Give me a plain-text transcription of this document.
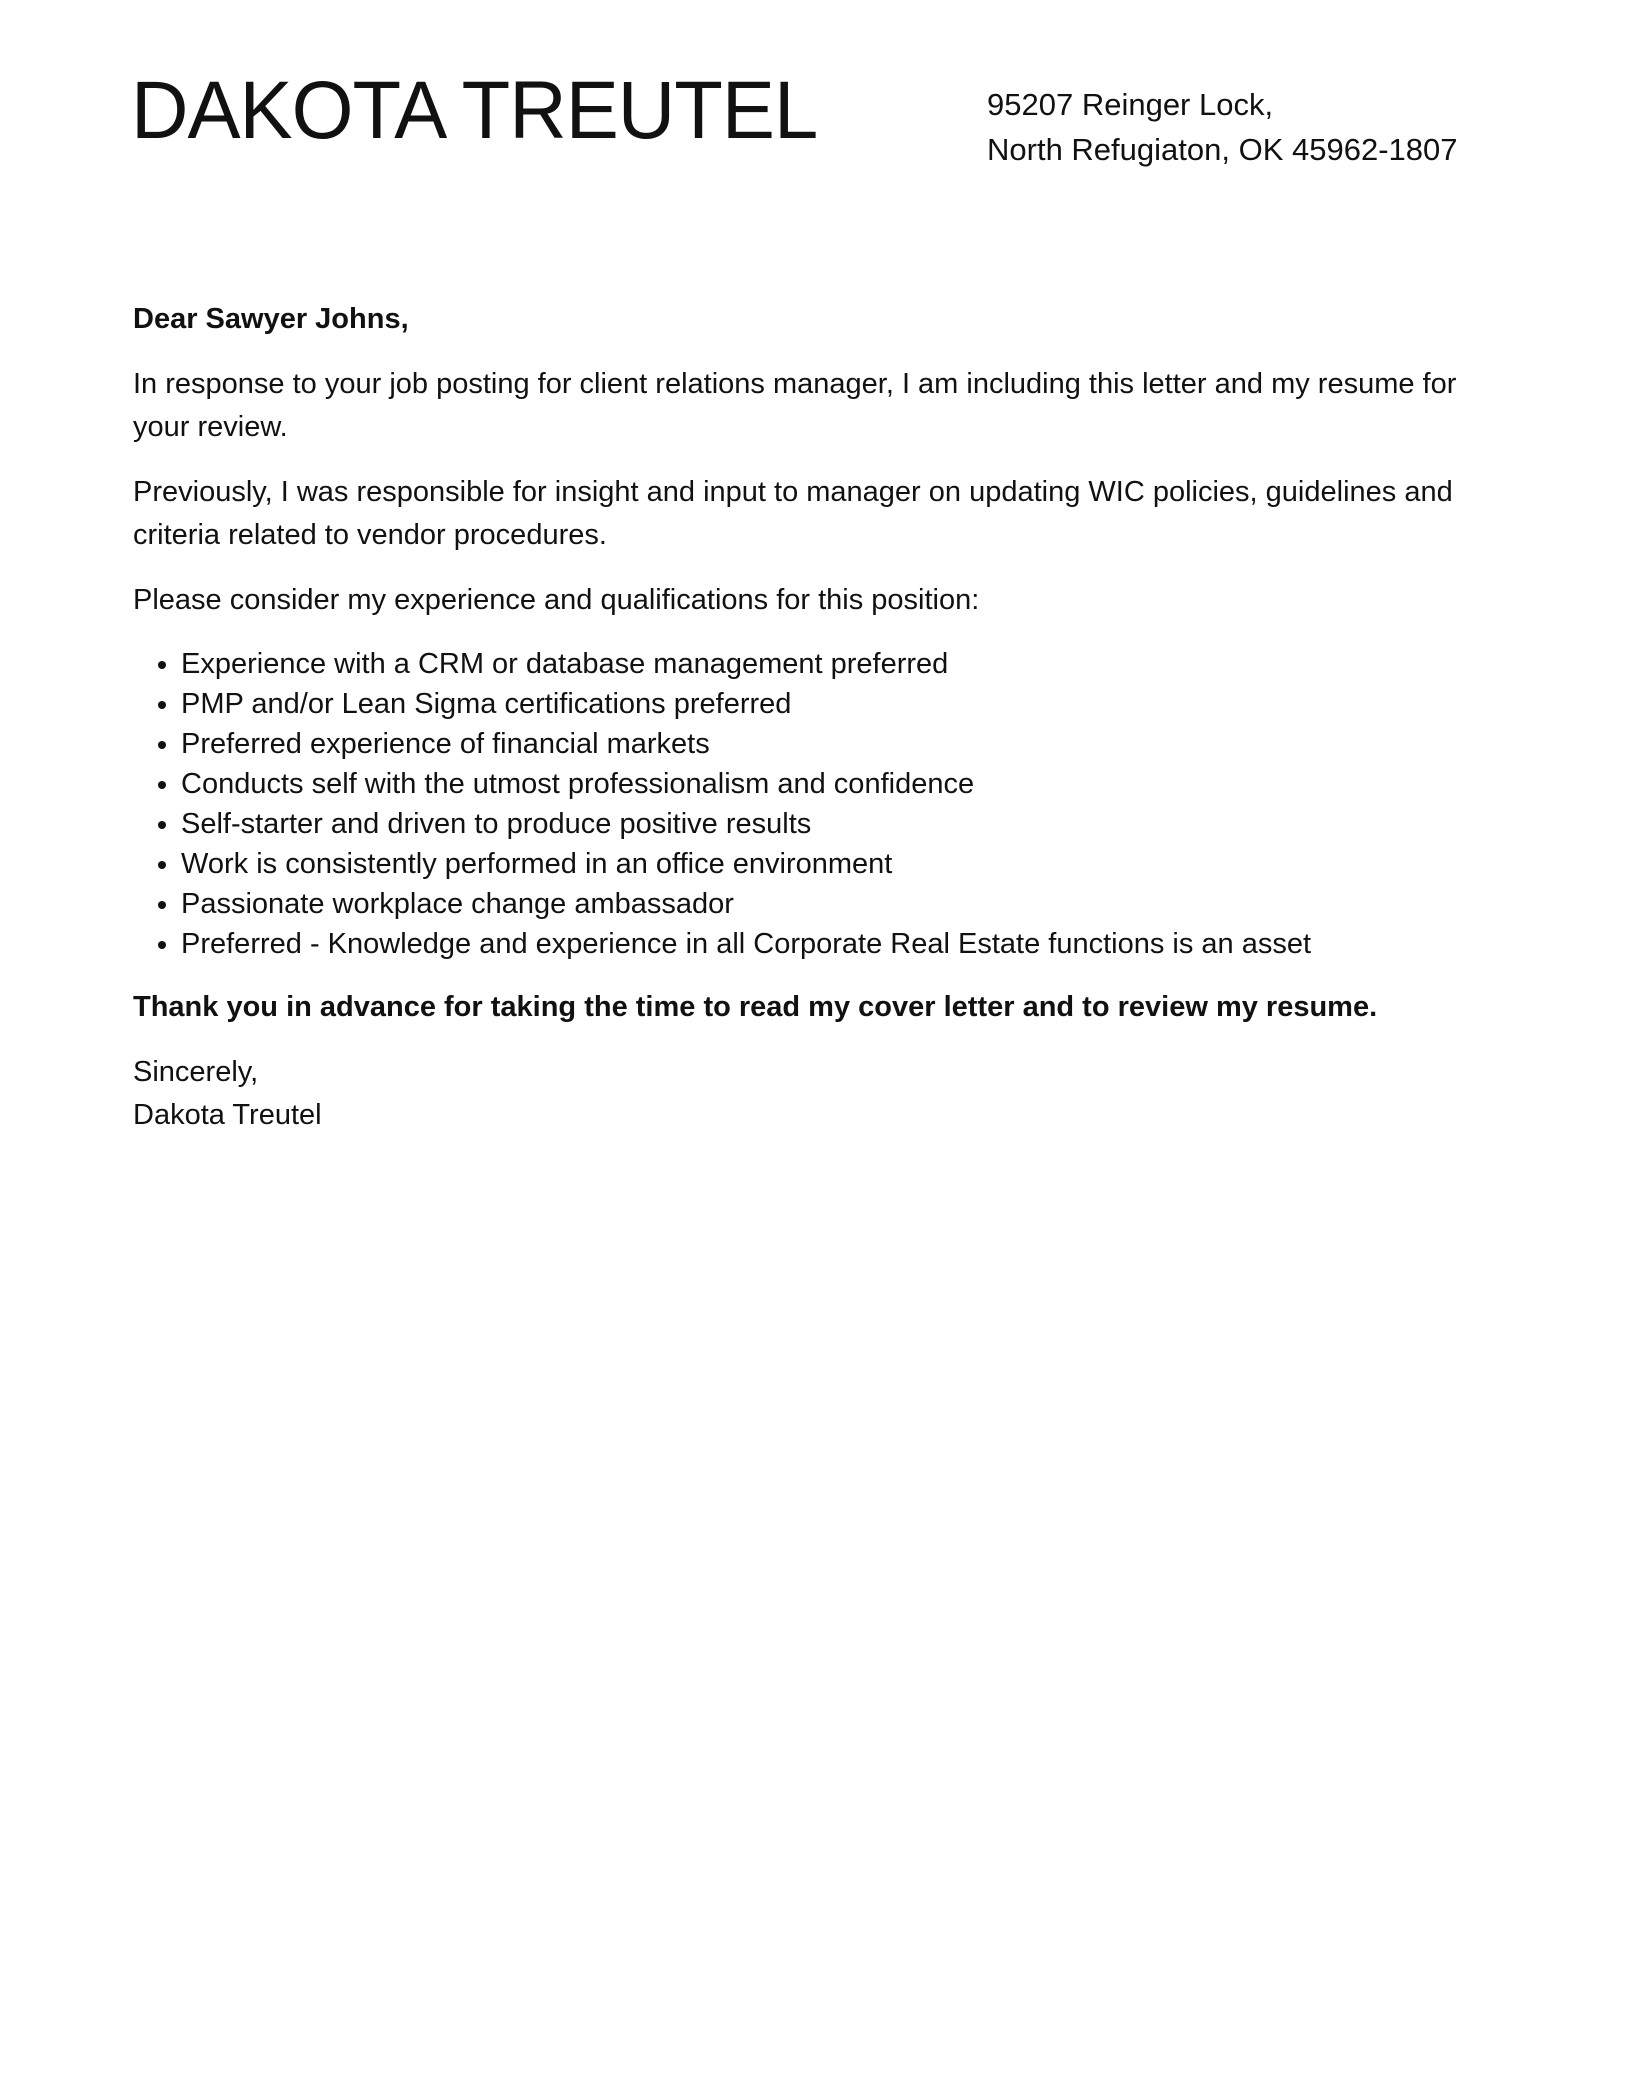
DAKOTA TREUTEL	95207 Reinger Lock,
North Refugiaton, OK 45962-1807

Dear Sawyer Johns,

In response to your job posting for client relations manager, I am including this letter and my resume for your review.

Previously, I was responsible for insight and input to manager on updating WIC policies, guidelines and criteria related to vendor procedures.

Please consider my experience and qualifications for this position:

• Experience with a CRM or database management preferred
• PMP and/or Lean Sigma certifications preferred
• Preferred experience of financial markets
• Conducts self with the utmost professionalism and confidence
• Self-starter and driven to produce positive results
• Work is consistently performed in an office environment
• Passionate workplace change ambassador
• Preferred - Knowledge and experience in all Corporate Real Estate functions is an asset

Thank you in advance for taking the time to read my cover letter and to review my resume.

Sincerely,
Dakota Treutel
